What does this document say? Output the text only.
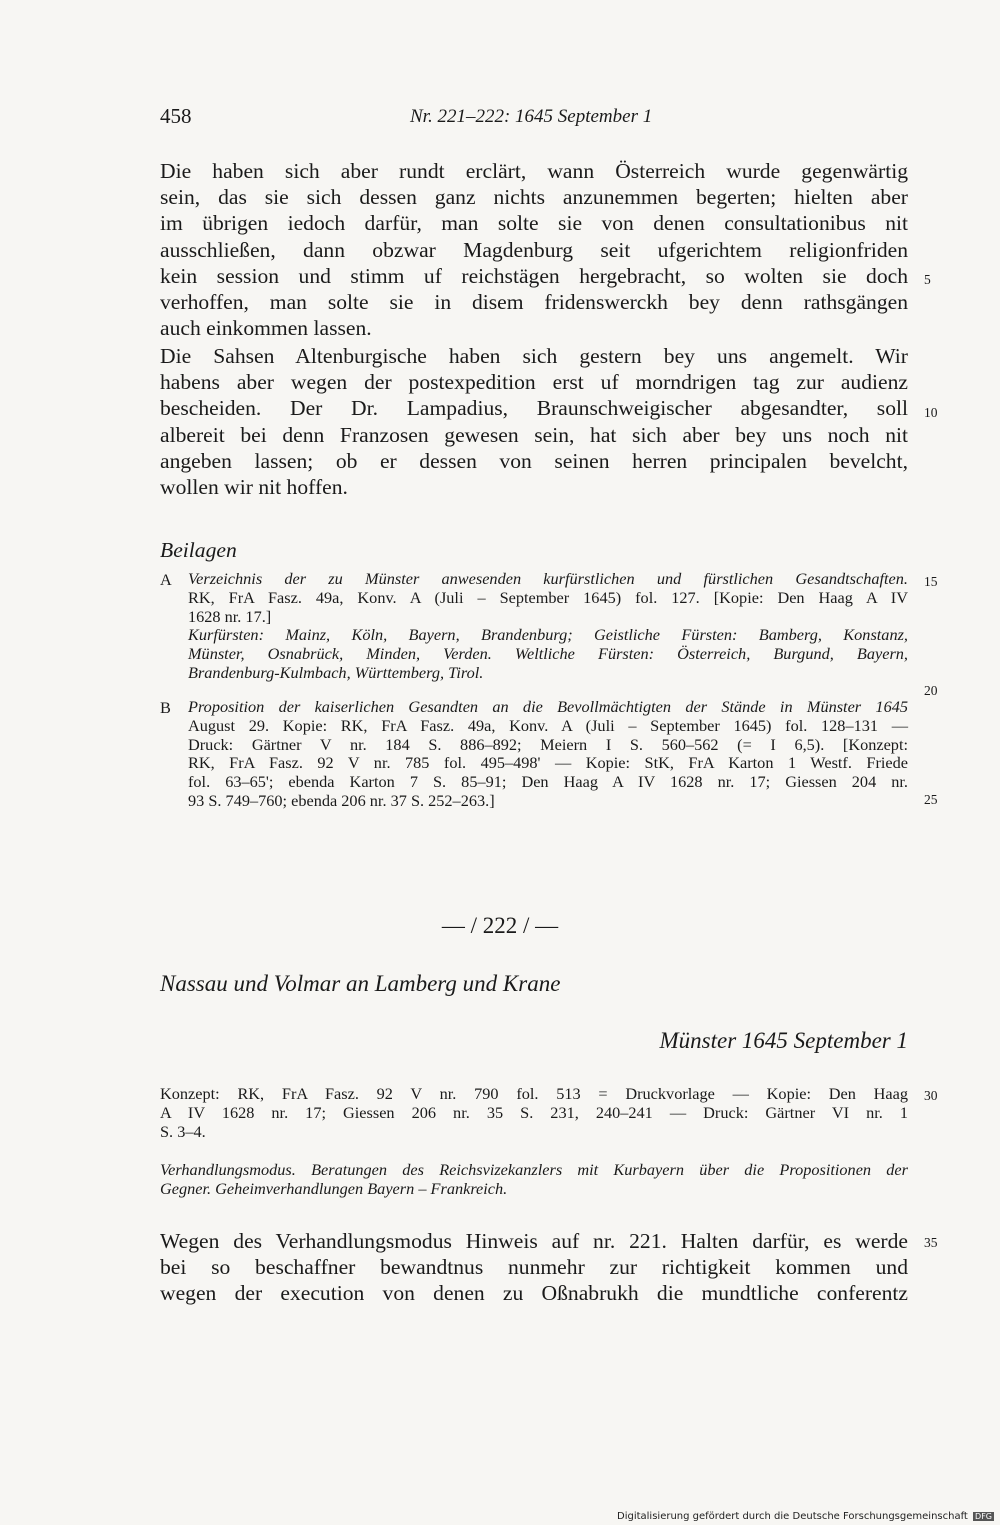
458	Nr. 221–222: 1645 September 1
Die haben sich aber rundt erclärt, wann Österreich wurde gegenwärtig
sein, das sie sich dessen ganz nichts anzunemmen begerten; hielten aber
im übrigen iedoch darfür, man solte sie von denen consultationibus nit
ausschließen, dann obzwar Magdenburg seit ufgerichtem religionfriden
kein session und stimm uf reichstägen hergebracht, so wolten sie doch
verhoffen, man solte sie in disem fridenswerckh bey denn rathsgängen
auch einkommen lassen.
Die Sahsen Altenburgische haben sich gestern bey uns angemelt. Wir
habens aber wegen der postexpedition erst uf morndrigen tag zur audienz
bescheiden. Der Dr. Lampadius, Braunschweigischer abgesandter, soll
albereit bei denn Franzosen gewesen sein, hat sich aber bey uns noch nit
angeben lassen; ob er dessen von seinen herren principalen bevelcht,
wollen wir nit hoffen.
Beilagen
A Verzeichnis der zu Münster anwesenden kurfürstlichen und fürstlichen Gesandtschaften.
RK, FrA Fasz. 49a, Konv. A (Juli – September 1645) fol. 127. [Kopie: Den Haag A IV
1628 nr. 17.]
Kurfürsten: Mainz, Köln, Bayern, Brandenburg; Geistliche Fürsten: Bamberg, Konstanz,
Münster, Osnabrück, Minden, Verden. Weltliche Fürsten: Österreich, Burgund, Bayern,
Brandenburg-Kulmbach, Württemberg, Tirol.
B Proposition der kaiserlichen Gesandten an die Bevollmächtigten der Stände in Münster 1645
August 29. Kopie: RK, FrA Fasz. 49a, Konv. A (Juli – September 1645) fol. 128–131 —
Druck: Gärtner V nr. 184 S. 886–892; Meiern I S. 560–562 (= I 6,5). [Konzept:
RK, FrA Fasz. 92 V nr. 785 fol. 495–498' — Kopie: StK, FrA Karton 1 Westf. Friede
fol. 63–65'; ebenda Karton 7 S. 85–91; Den Haag A IV 1628 nr. 17; Giessen 204 nr.
93 S. 749–760; ebenda 206 nr. 37 S. 252–263.]
— / 222 / —
Nassau und Volmar an Lamberg und Krane
Münster 1645 September 1
Konzept: RK, FrA Fasz. 92 V nr. 790 fol. 513 = Druckvorlage — Kopie: Den Haag
A IV 1628 nr. 17; Giessen 206 nr. 35 S. 231, 240–241 — Druck: Gärtner VI nr. 1
S. 3–4.
Verhandlungsmodus. Beratungen des Reichsvizekanzlers mit Kurbayern über die Propositionen der
Gegner. Geheimverhandlungen Bayern – Frankreich.
Wegen des Verhandlungsmodus Hinweis auf nr. 221. Halten darfür, es werde
bei so beschaffner bewandtnus nunmehr zur richtigkeit kommen und
wegen der execution von denen zu Oßnabrukh die mundtliche conferentz
5
10
15
20
25
30
35
Digitalisierung gefördert durch die Deutsche Forschungsgemeinschaft DFG
